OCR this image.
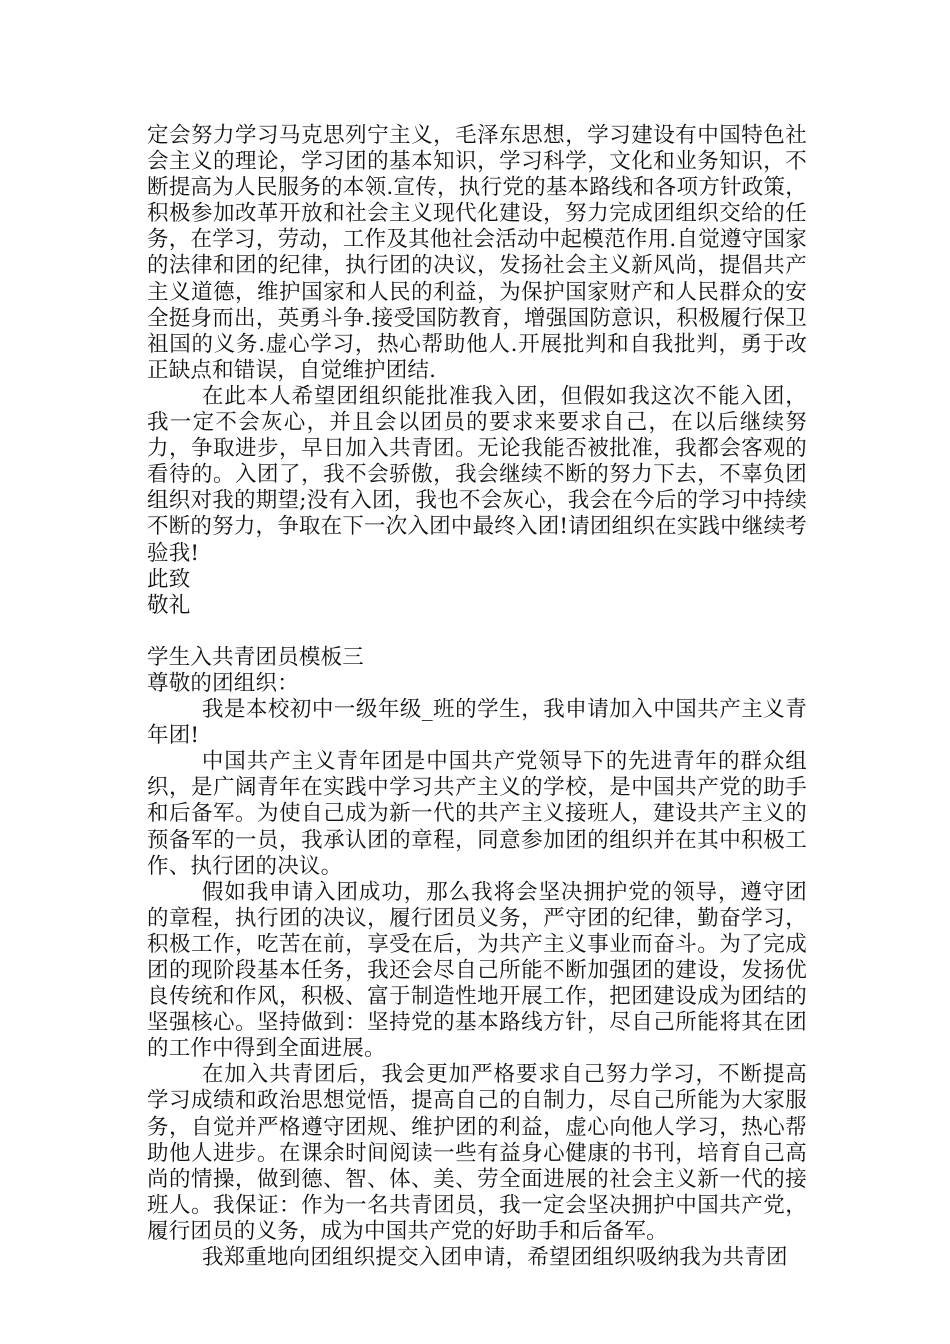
定会努力学习马克思列宁主义，毛泽东思想，学习建设有中国特色社会主义的理论，学习团的基本知识，学习科学，文化和业务知识，不断提高为人民服务的本领.宣传，执行党的基本路线和各项方针政策，积极参加改革开放和社会主义现代化建设，努力完成团组织交给的任务，在学习，劳动，工作及其他社会活动中起模范作用.自觉遵守国家的法律和团的纪律，执行团的决议，发扬社会主义新风尚，提倡共产主义道德，维护国家和人民的利益，为保护国家财产和人民群众的安全挺身而出，英勇斗争.接受国防教育，增强国防意识，积极履行保卫祖国的义务.虚心学习，热心帮助他人.开展批判和自我批判，勇于改正缺点和错误，自觉维护团结.

在此本人希望团组织能批准我入团，但假如我这次不能入团，我一定不会灰心，并且会以团员的要求来要求自己，在以后继续努力，争取进步，早日加入共青团。无论我能否被批准，我都会客观的看待的。入团了，我不会骄傲，我会继续不断的努力下去，不辜负团组织对我的期望;没有入团，我也不会灰心，我会在今后的学习中持续不断的努力，争取在下一次入团中最终入团!请团组织在实践中继续考验我!

此致

敬礼

学生入共青团员模板三

尊敬的团组织：

我是本校初中一级年级_班的学生，我申请加入中国共产主义青年团!

中国共产主义青年团是中国共产党领导下的先进青年的群众组织，是广阔青年在实践中学习共产主义的学校，是中国共产党的助手和后备军。为使自己成为新一代的共产主义接班人，建设共产主义的预备军的一员，我承认团的章程，同意参加团的组织并在其中积极工作、执行团的决议。

假如我申请入团成功，那么我将会坚决拥护党的领导，遵守团的章程，执行团的决议，履行团员义务，严守团的纪律，勤奋学习，积极工作，吃苦在前，享受在后，为共产主义事业而奋斗。为了完成团的现阶段基本任务，我还会尽自己所能不断加强团的建设，发扬优良传统和作风，积极、富于制造性地开展工作，把团建设成为团结的坚强核心。坚持做到：坚持党的基本路线方针，尽自己所能将其在团的工作中得到全面进展。

在加入共青团后，我会更加严格要求自己努力学习，不断提高学习成绩和政治思想觉悟，提高自己的自制力，尽自己所能为大家服务，自觉并严格遵守团规、维护团的利益，虚心向他人学习，热心帮助他人进步。在课余时间阅读一些有益身心健康的书刊，培育自己高尚的情操，做到德、智、体、美、劳全面进展的社会主义新一代的接班人。我保证：作为一名共青团员，我一定会坚决拥护中国共产党，履行团员的义务，成为中国共产党的好助手和后备军。

我郑重地向团组织提交入团申请，希望团组织吸纳我为共青团
